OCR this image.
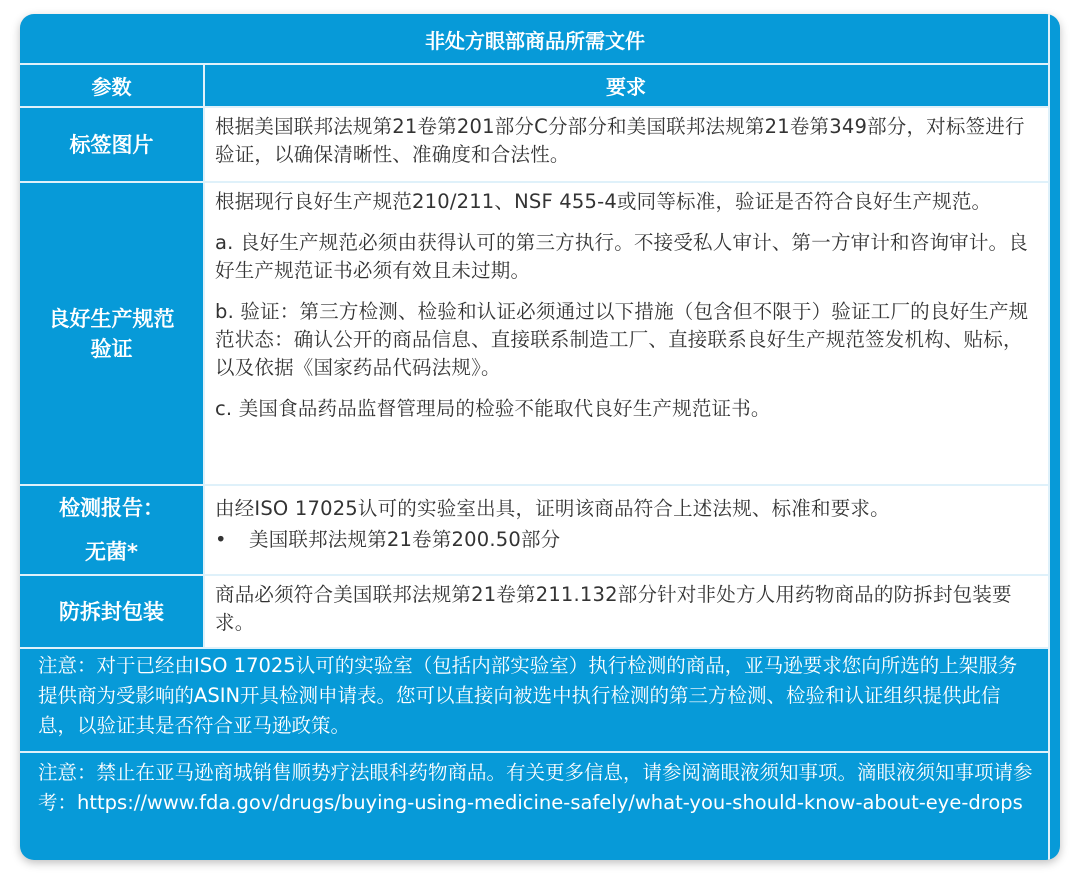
非处方眼部商品所需文件
参数	要求
标签图片

根据美国联邦法规第21卷第201部分C分部分和美国联邦法规第21卷第349部分，对标签进行验证，以确保清晰性、准确度和合法性。

良好生产规范
验证

根据现行良好生产规范210/211、NSF 455-4或同等标准，验证是否符合良好生产规范。

a. 良好生产规范必须由获得认可的第三方执行。不接受私人审计、第一方审计和咨询审计。良好生产规范证书必须有效且未过期。

b. 验证：第三方检测、检验和认证必须通过以下措施（包含但不限于）验证工厂的良好生产规范状态：确认公开的商品信息、直接联系制造工厂、直接联系良好生产规范签发机构、贴标，以及依据《国家药品代码法规》。

c. 美国食品药品监督管理局的检验不能取代良好生产规范证书。

检测报告：
无菌*

由经ISO 17025认可的实验室出具，证明该商品符合上述法规、标准和要求。

•	美国联邦法规第21卷第200.50部分

防拆封包装

商品必须符合美国联邦法规第21卷第211.132部分针对非处方人用药物商品的防拆封包装要求。

注意：对于已经由ISO 17025认可的实验室（包括内部实验室）执行检测的商品，亚马逊要求您向所选的上架服务提供商为受影响的ASIN开具检测申请表。您可以直接向被选中执行检测的第三方检测、检验和认证组织提供此信息，以验证其是否符合亚马逊政策。
注意：禁止在亚马逊商城销售顺势疗法眼科药物商品。有关更多信息，请参阅滴眼液须知事项。滴眼液须知事项请参考：https://www.fda.gov/drugs/buying-using-medicine-safely/what-you-should-know-about-eye-drops
